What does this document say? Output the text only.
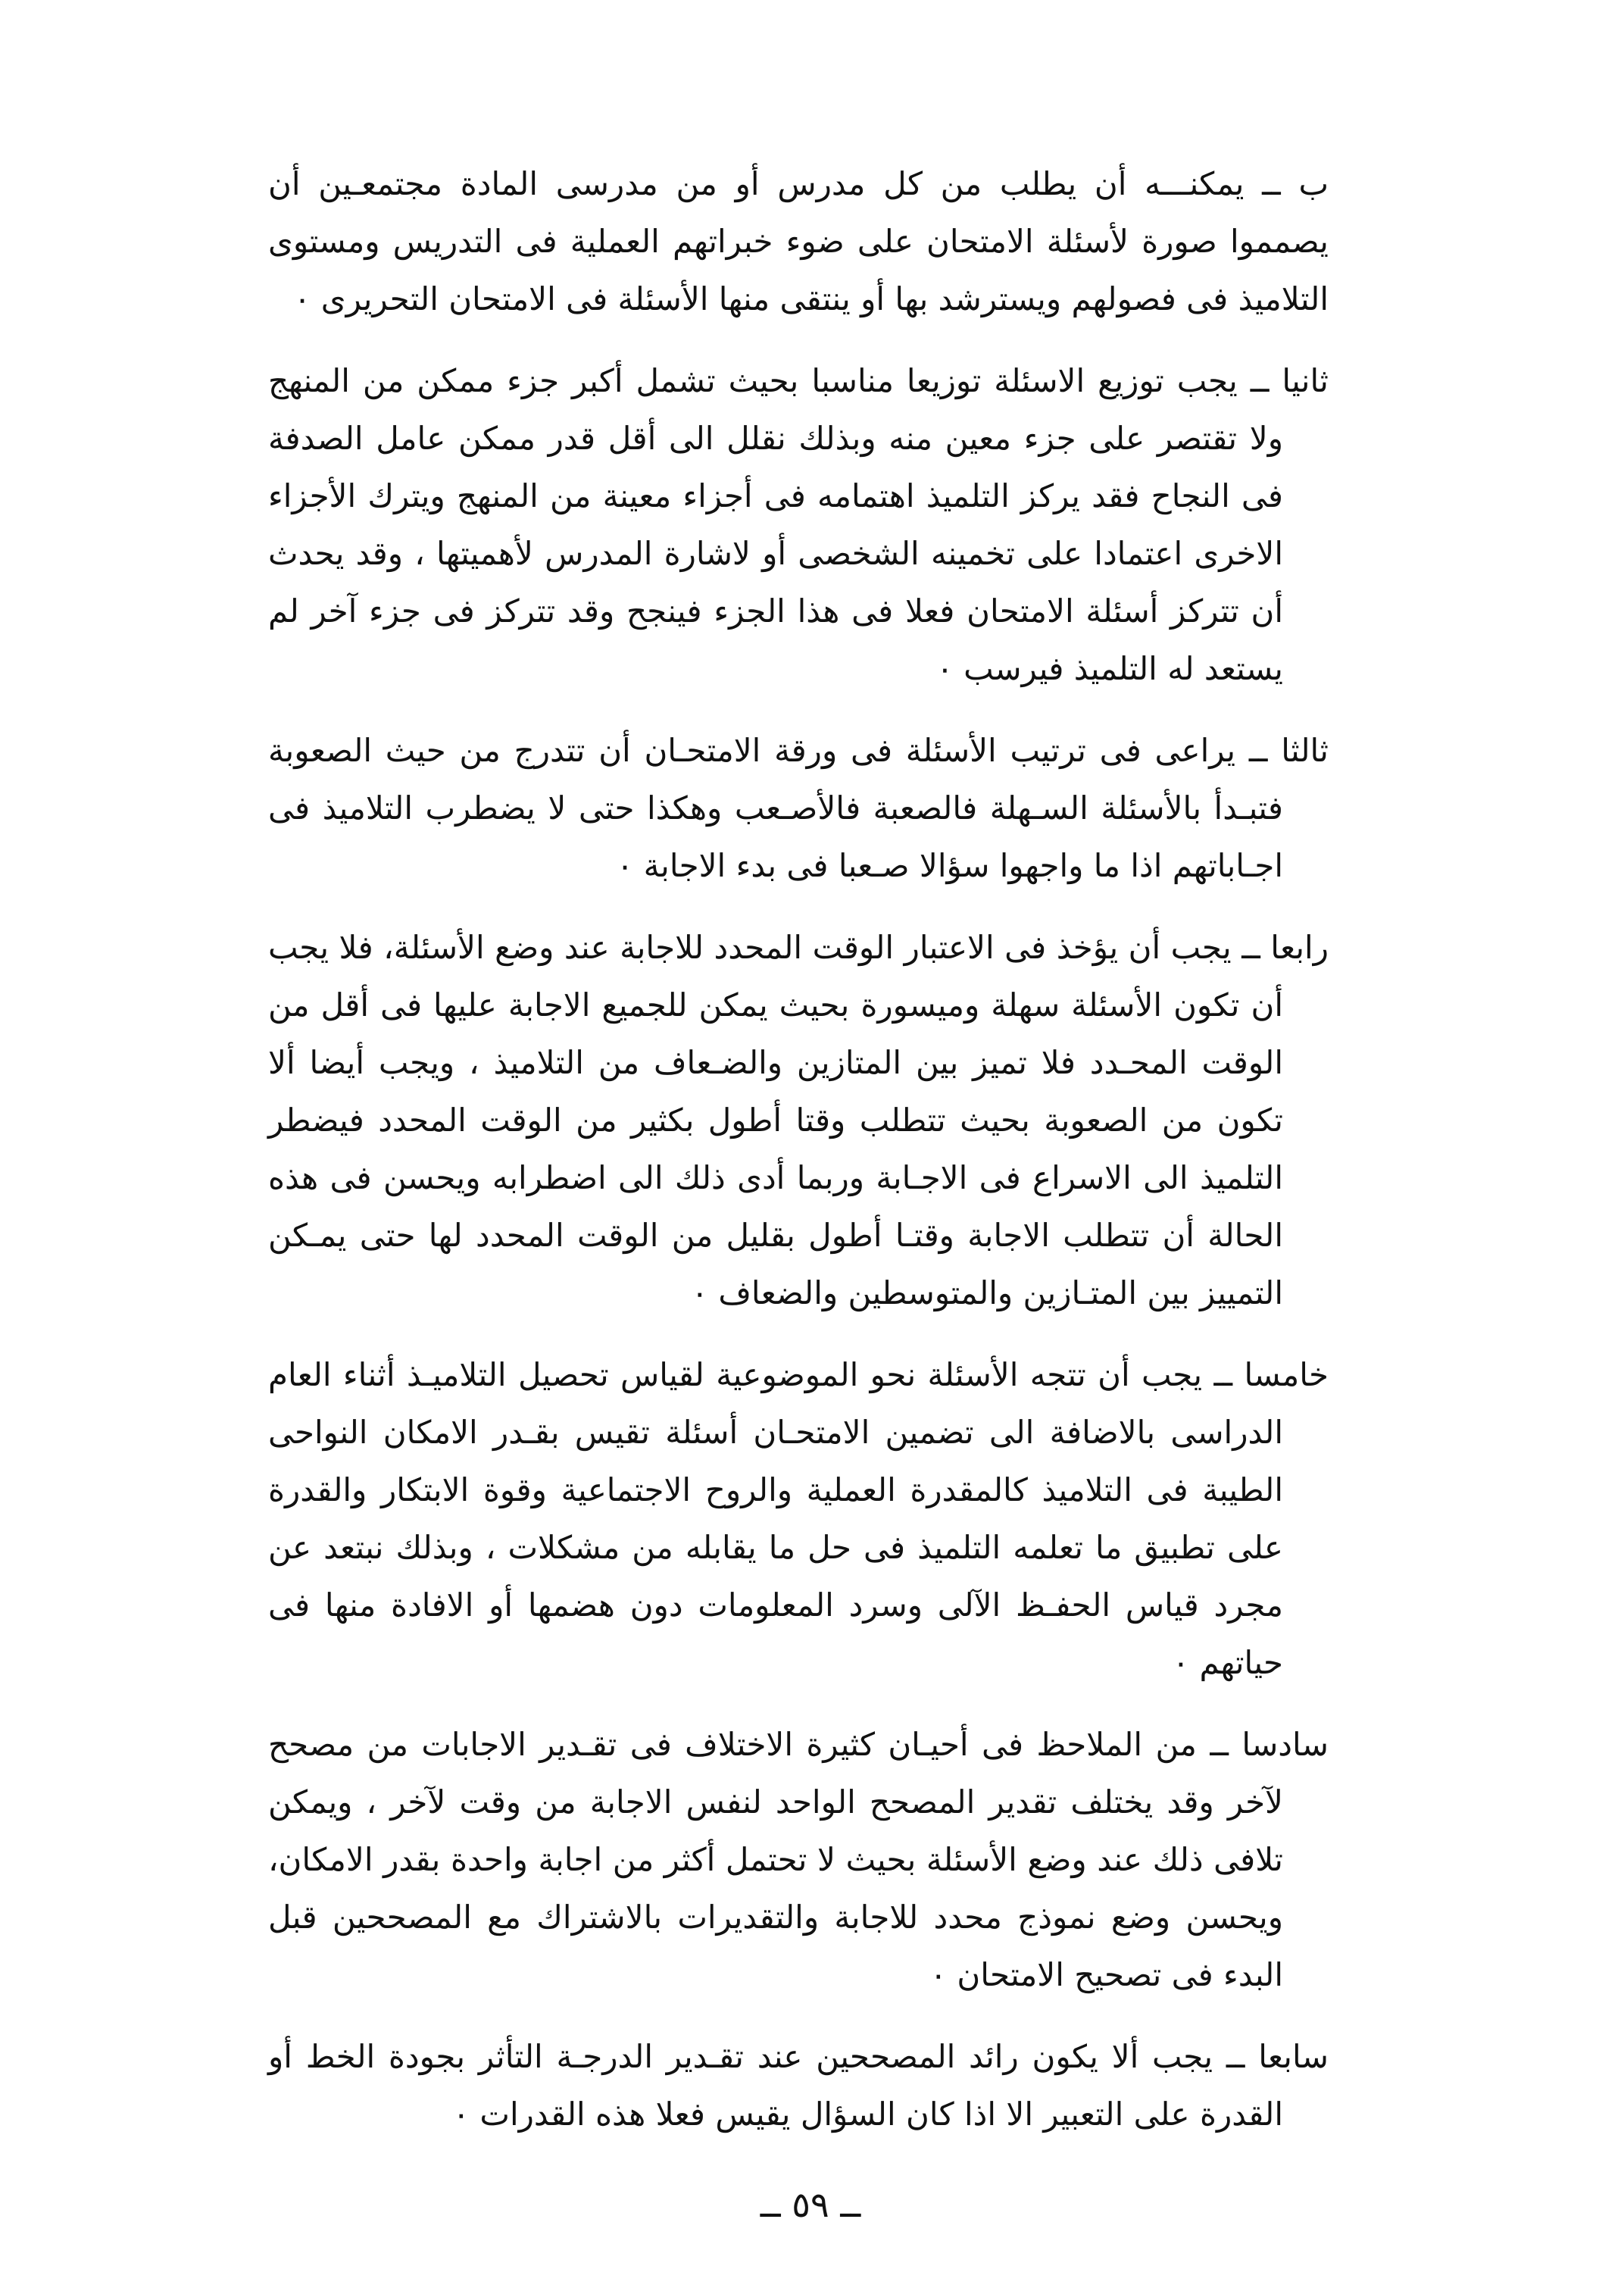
ب ــ يمكنـــه أن يطلب من كل مدرس أو من مدرسى المادة مجتمعـين أن يصمموا صورة لأسئلة الامتحان على ضوء خبراتهم العملية فى التدريس ومستوى التلاميذ فى فصولهم ويسترشد بها أو ينتقى منها الأسئلة فى الامتحان التحريرى ٠

ثانيا ــ يجب توزيع الاسئلة توزيعا مناسبا بحيث تشمل أكبر جزء ممكن من المنهج ولا تقتصر على جزء معين منه وبذلك نقلل الى أقل قدر ممكن عامل الصدفة فى النجاح فقد يركز التلميذ اهتمامه فى أجزاء معينة من المنهج ويترك الأجزاء الاخرى اعتمادا على تخمينه الشخصى أو لاشارة المدرس لأهميتها ، وقد يحدث أن تتركز أسئلة الامتحان فعلا فى هذا الجزء فينجح وقد تتركز فى جزء آخر لم يستعد له التلميذ فيرسب ٠

ثالثا ــ يراعى فى ترتيب الأسئلة فى ورقة الامتحـان أن تتدرج من حيث الصعوبة فتبـدأ بالأسئلة السـهلة فالصعبة فالأصـعب وهكذا حتى لا يضطرب التلاميذ فى اجـاباتهم اذا ما واجهوا سؤالا صـعبا فى بدء الاجابة ٠

رابعا ــ يجب أن يؤخذ فى الاعتبار الوقت المحدد للاجابة عند وضع الأسئلة، فلا يجب أن تكون الأسئلة سهلة وميسورة بحيث يمكن للجميع الاجابة عليها فى أقل من الوقت المحـدد فلا تميز بين المتازين والضـعاف من التلاميذ ، ويجب أيضا ألا تكون من الصعوبة بحيث تتطلب وقتا أطول بكثير من الوقت المحدد فيضطر التلميذ الى الاسراع فى الاجـابة وربما أدى ذلك الى اضطرابه ويحسن فى هذه الحالة أن تتطلب الاجابة وقتـا أطول بقليل من الوقت المحدد لها حتى يمـكن التمييز بين المتـازين والمتوسطين والضعاف ٠

خامسا ــ يجب أن تتجه الأسئلة نحو الموضوعية لقياس تحصيل التلاميـذ أثناء العام الدراسى بالاضافة الى تضمين الامتحـان أسئلة تقيس بقـدر الامكان النواحى الطيبة فى التلاميذ كالمقدرة العملية والروح الاجتماعية وقوة الابتكار والقدرة على تطبيق ما تعلمه التلميذ فى حل ما يقابله من مشكلات ، وبذلك نبتعد عن مجرد قياس الحفـظ الآلى وسرد المعلومات دون هضمها أو الافادة منها فى حياتهم ٠

سادسا ــ من الملاحظ فى أحيـان كثيرة الاختلاف فى تقـدير الاجابات من مصحح لآخر وقد يختلف تقدير المصحح الواحد لنفس الاجابة من وقت لآخر ، ويمكن تلافى ذلك عند وضع الأسئلة بحيث لا تحتمل أكثر من اجابة واحدة بقدر الامكان، ويحسن وضع نموذج محدد للاجابة والتقديرات بالاشتراك مع المصححين قبل البدء فى تصحيح الامتحان ٠

سابعا ــ يجب ألا يكون رائد المصححين عند تقـدير الدرجـة التأثر بجودة الخط أو القدرة على التعبير الا اذا كان السؤال يقيس فعلا هذه القدرات ٠

ــ ٥٩ ــ
